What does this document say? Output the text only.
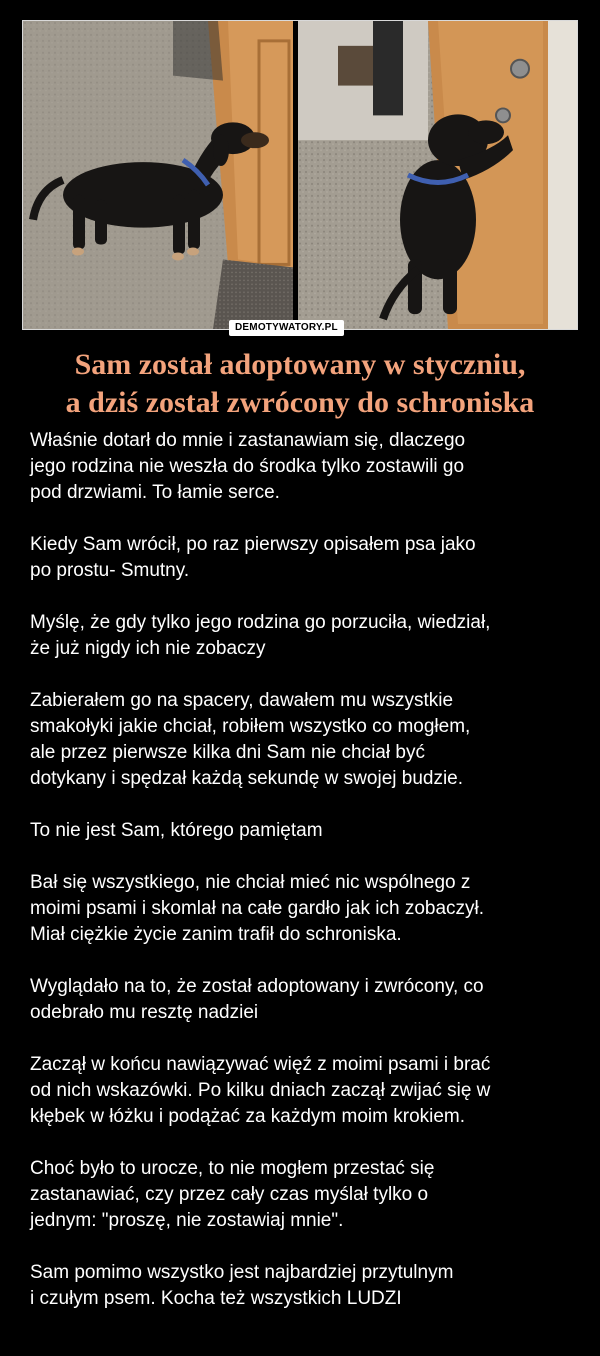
DEMOTYWATORY.PL
Sam został adoptowany w styczniu,
a dziś został zwrócony do schroniska

Właśnie dotarł do mnie i zastanawiam się, dlaczego
jego rodzina nie weszła do środka tylko zostawili go
pod drzwiami. To łamie serce.

Kiedy Sam wrócił, po raz pierwszy opisałem psa jako
po prostu- Smutny.

Myślę, że gdy tylko jego rodzina go porzuciła, wiedział,
że już nigdy ich nie zobaczy

Zabierałem go na spacery, dawałem mu wszystkie
smakołyki jakie chciał, robiłem wszystko co mogłem,
ale przez pierwsze kilka dni Sam nie chciał być
dotykany i spędzał każdą sekundę w swojej budzie.

To nie jest Sam, którego pamiętam

Bał się wszystkiego, nie chciał mieć nic wspólnego z
moimi psami i skomlał na całe gardło jak ich zobaczył.
Miał ciężkie życie zanim trafił do schroniska.

Wyglądało na to, że został adoptowany i zwrócony, co
odebrało mu resztę nadziei

Zaczął w końcu nawiązywać więź z moimi psami i brać
od nich wskazówki. Po kilku dniach zaczął zwijać się w
kłębek w łóżku i podążać za każdym moim krokiem.

Choć było to urocze, to nie mogłem przestać się
zastanawiać, czy przez cały czas myślał tylko o
jednym: "proszę, nie zostawiaj mnie".

Sam pomimo wszystko jest najbardziej przytulnym
i czułym psem. Kocha też wszystkich LUDZI
